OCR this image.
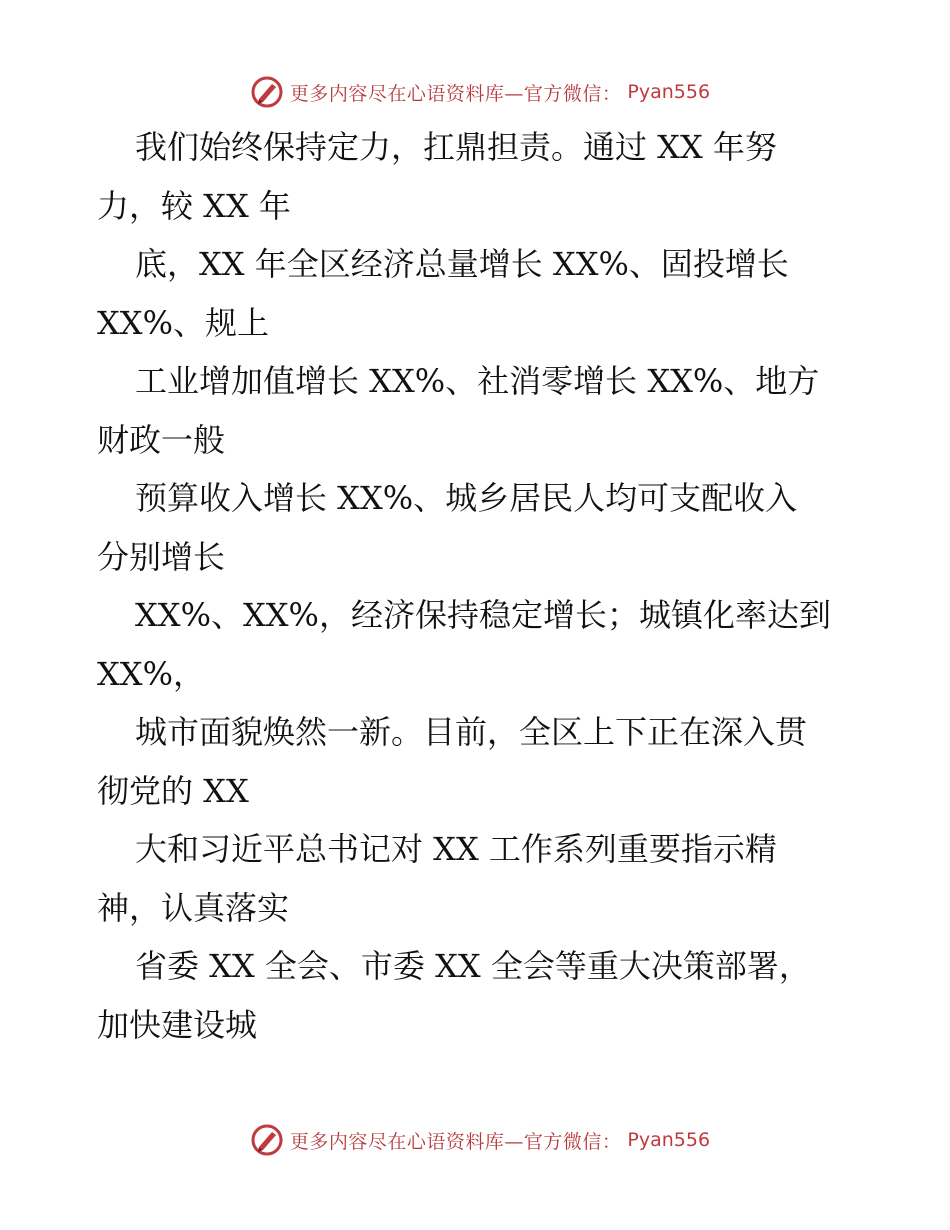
更多内容尽在心语资料库—官方微信： Pyan556
我们始终保持定力，扛鼎担责。通过 XX 年努
力，较 XX 年
底，XX 年全区经济总量增长 XX%、固投增长
XX%、规上
工业增加值增长 XX%、社消零增长 XX%、地方
财政一般
预算收入增长 XX%、城乡居民人均可支配收入
分别增长
XX%、XX%，经济保持稳定增长；城镇化率达到
XX%，
城市面貌焕然一新。目前，全区上下正在深入贯
彻党的 XX
大和习近平总书记对 XX 工作系列重要指示精
神，认真落实
省委 XX 全会、市委 XX 全会等重大决策部署，
加快建设城
更多内容尽在心语资料库—官方微信： Pyan556
